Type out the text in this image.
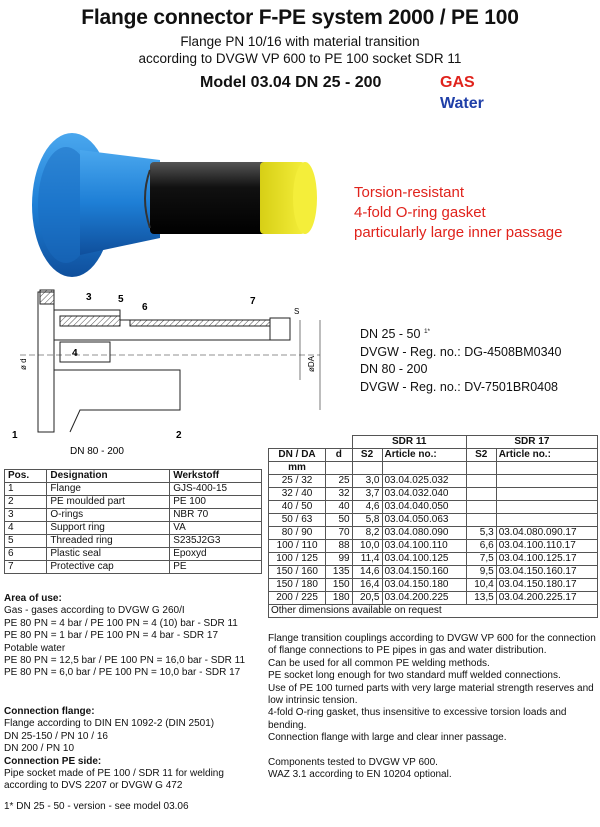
Flange connector F-PE system 2000 / PE 100
Flange PN 10/16 with material transition
according to DVGW VP 600 to PE 100 socket SDR 11
Model 03.04 DN 25 - 200	GAS
Water
Torsion-resistant
4-fold O-ring gasket
particularly large inner passage
3	5
6
7
4
1	2
S
ø d	øDA
DN 80 - 200
DN 25 - 50 $^{1*}$
DVGW - Reg. no.: DG-4508BM0340
DN 80 - 200
DVGW - Reg. no.: DV-7501BR0408
Pos.	Designation	Werkstoff
1	Flange	GJS-400-15
2	PE moulded part	PE 100
3	O-rings	NBR 70
4	Support ring	VA
5	Threaded ring	S235J2G3
6	Plastic seal	Epoxyd
7	Protective cap	PE
		SDR 11		SDR 17	
DN / DA	d	S2	Article no.:	S2	Article no.:
mm					
25 / 32	25	3,0	03.04.025.032		
32 / 40	32	3,7	03.04.032.040		
40 / 50	40	4,6	03.04.040.050		
50 / 63	50	5,8	03.04.050.063		
80 / 90	70	8,2	03.04.080.090	5,3	03.04.080.090.17
100 / 110	88	10,0	03.04.100.110	6,6	03.04.100.110.17
100 / 125	99	11,4	03.04.100.125	7,5	03.04.100.125.17
150 / 160	135	14,6	03.04.150.160	9,5	03.04.150.160.17
150 / 180	150	16,4	03.04.150.180	10,4	03.04.150.180.17
200 / 225	180	20,5	03.04.200.225	13,5	03.04.200.225.17
Other dimensions available on request					
Area of use:
Gas - gases according to DVGW G 260/I
PE 80 PN = 4 bar / PE 100 PN = 4 (10) bar - SDR 11
PE 80 PN = 1 bar / PE 100 PN = 4 bar - SDR 17
Potable water
PE 80 PN = 12,5 bar / PE 100 PN = 16,0 bar - SDR 11
PE 80 PN = 6,0 bar / PE 100 PN = 10,0 bar - SDR 17
Connection flange:
Flange according to DIN EN 1092-2 (DIN 2501)
DN 25-150 / PN 10 / 16
DN 200 / PN 10
Connection PE side:
Pipe socket made of PE 100 / SDR 11 for welding
according to DVS 2207 or DVGW G 472

1* DN 25 - 50 - version - see model 03.06
Flange transition couplings according to DVGW VP 600 for the connection of flange connections to PE pipes in gas and water distribution.
Can be used for all common PE welding methods.
PE socket long enough for two standard muff welded connections.
Use of PE 100 turned parts with very large material strength reserves and low intrinsic tension.
4-fold O-ring gasket, thus insensitive to excessive torsion loads and bending.
Connection flange with large and clear inner passage.
Components tested to DVGW VP 600.
WAZ 3.1 according to EN 10204 optional.
